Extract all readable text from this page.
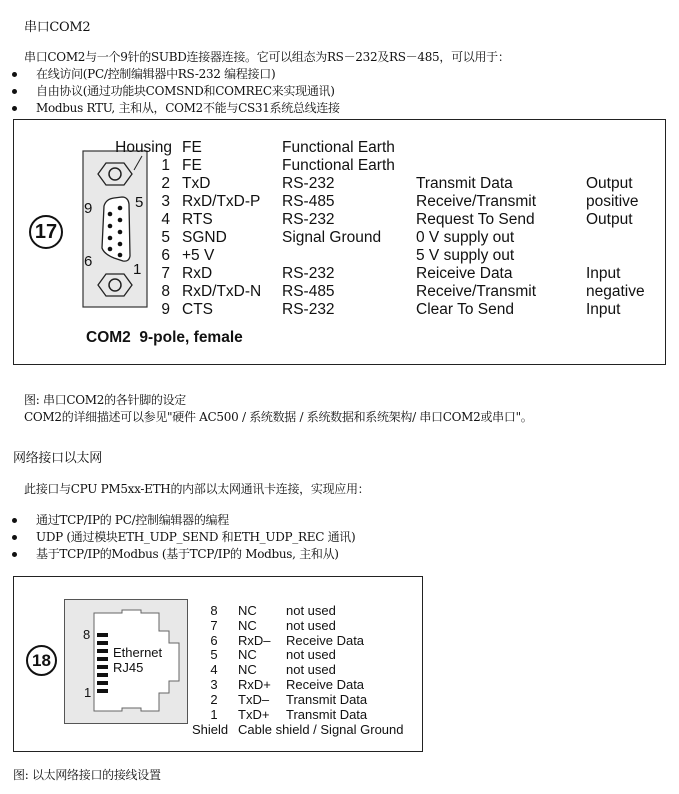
串口COM2
串口COM2与一个9针的SUBD连接器连接。它可以组态为RS－232及RS－485，可以用于：
在线访问(PC/控制编辑器中RS-232 编程接口)
自由协议(通过功能块COMSND和COMREC来实现通讯)
Modbus RTU, 主和从，COM2不能与CS31系统总线连接
17
9	5
6	1
Housing
1
2
3
4
5
6
7
8
9
FE
FE
TxD
RxD/TxD-P
RTS
SGND
+5 V
RxD
RxD/TxD-N
CTS
Functional Earth
Functional Earth
RS-232
RS-485
RS-232
Signal Ground
RS-232
RS-485
RS-232
Transmit Data
Receive/Transmit
Request To Send
0 V supply out
5 V supply out
Reiceive Data
Receive/Transmit
Clear To Send
Output
positive
Output
Input
negative
Input
COM2  9-pole, female
图: 串口COM2的各针脚的设定
COM2的详细描述可以参见"硬件 AC500 / 系统数据 / 系统数据和系统架构/ 串口COM2或串口"。
网络接口以太网
此接口与CPU PM5xx-ETH的内部以太网通讯卡连接，实现应用：
通过TCP/IP的 PC/控制编辑器的编程
UDP (通过模块ETH_UDP_SEND 和ETH_UDP_REC 通讯)
基于TCP/IP的Modbus (基于TCP/IP的 Modbus, 主和从)
18
8
1
Ethernet
RJ45
8
7
6
5
4
3
2
1
NC
NC
RxD–
NC
NC
RxD+
TxD–
TxD+
not used
not used
Receive Data
not used
not used
Receive Data
Transmit Data
Transmit Data
Shield Cable shield / Signal Ground
图: 以太网络接口的接线设置
